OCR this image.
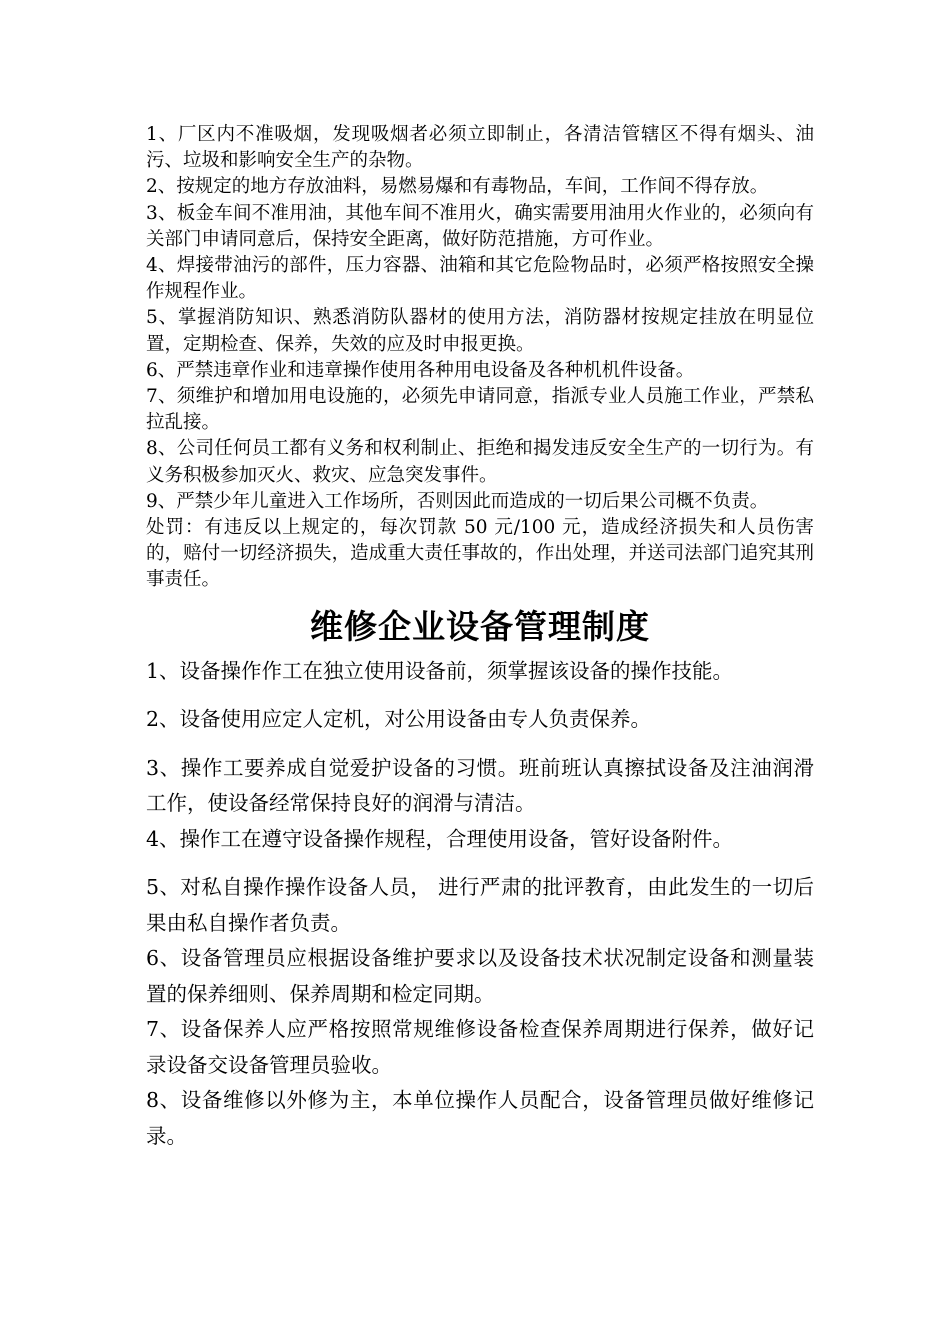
1、厂区内不准吸烟，发现吸烟者必须立即制止，各清洁管辖区不得有烟头、油污、垃圾和影响安全生产的杂物。

2、按规定的地方存放油料，易燃易爆和有毒物品，车间，工作间不得存放。

3、板金车间不准用油，其他车间不准用火，确实需要用油用火作业的，必须向有关部门申请同意后，保持安全距离，做好防范措施，方可作业。

4、焊接带油污的部件，压力容器、油箱和其它危险物品时，必须严格按照安全操作规程作业。

5、掌握消防知识、熟悉消防队器材的使用方法，消防器材按规定挂放在明显位置，定期检查、保养，失效的应及时申报更换。

6、严禁违章作业和违章操作使用各种用电设备及各种机机件设备。

7、须维护和增加用电设施的，必须先申请同意，指派专业人员施工作业，严禁私拉乱接。

8、公司任何员工都有义务和权利制止、拒绝和揭发违反安全生产的一切行为。有义务积极参加灭火、救灾、应急突发事件。

9、严禁少年儿童进入工作场所，否则因此而造成的一切后果公司概不负责。

处罚：有违反以上规定的，每次罚款 50 元/100 元，造成经济损失和人员伤害的，赔付一切经济损失，造成重大责任事故的，作出处理，并送司法部门追究其刑事责任。

维修企业设备管理制度

1、设备操作作工在独立使用设备前，须掌握该设备的操作技能。

2、设备使用应定人定机，对公用设备由专人负责保养。

3、操作工要养成自觉爱护设备的习惯。班前班认真擦拭设备及注油润滑工作，使设备经常保持良好的润滑与清洁。

4、操作工在遵守设备操作规程，合理使用设备，管好设备附件。

5、对私自操作操作设备人员， 进行严肃的批评教育，由此发生的一切后果由私自操作者负责。

6、设备管理员应根据设备维护要求以及设备技术状况制定设备和测量装置的保养细则、保养周期和检定同期。

7、设备保养人应严格按照常规维修设备检查保养周期进行保养，做好记录设备交设备管理员验收。

8、设备维修以外修为主，本单位操作人员配合，设备管理员做好维修记录。
